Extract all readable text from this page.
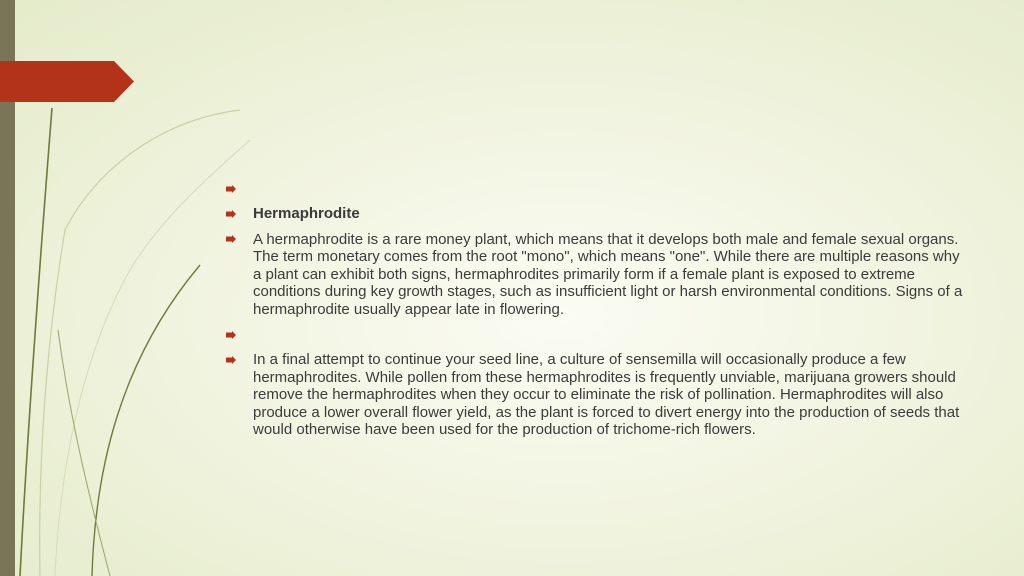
Hermaphrodite
A hermaphrodite is a rare money plant, which means that it develops both male and female sexual organs. The term monetary comes from the root "mono", which means "one". While there are multiple reasons why a plant can exhibit both signs, hermaphrodites primarily form if a female plant is exposed to extreme conditions during key growth stages, such as insufficient light or harsh environmental conditions. Signs of a hermaphrodite usually appear late in flowering.
In a final attempt to continue your seed line, a culture of sensemilla will occasionally produce a few hermaphrodites. While pollen from these hermaphrodites is frequently unviable, marijuana growers should remove the hermaphrodites when they occur to eliminate the risk of pollination. Hermaphrodites will also produce a lower overall flower yield, as the plant is forced to divert energy into the production of seeds that would otherwise have been used for the production of trichome-rich flowers.
